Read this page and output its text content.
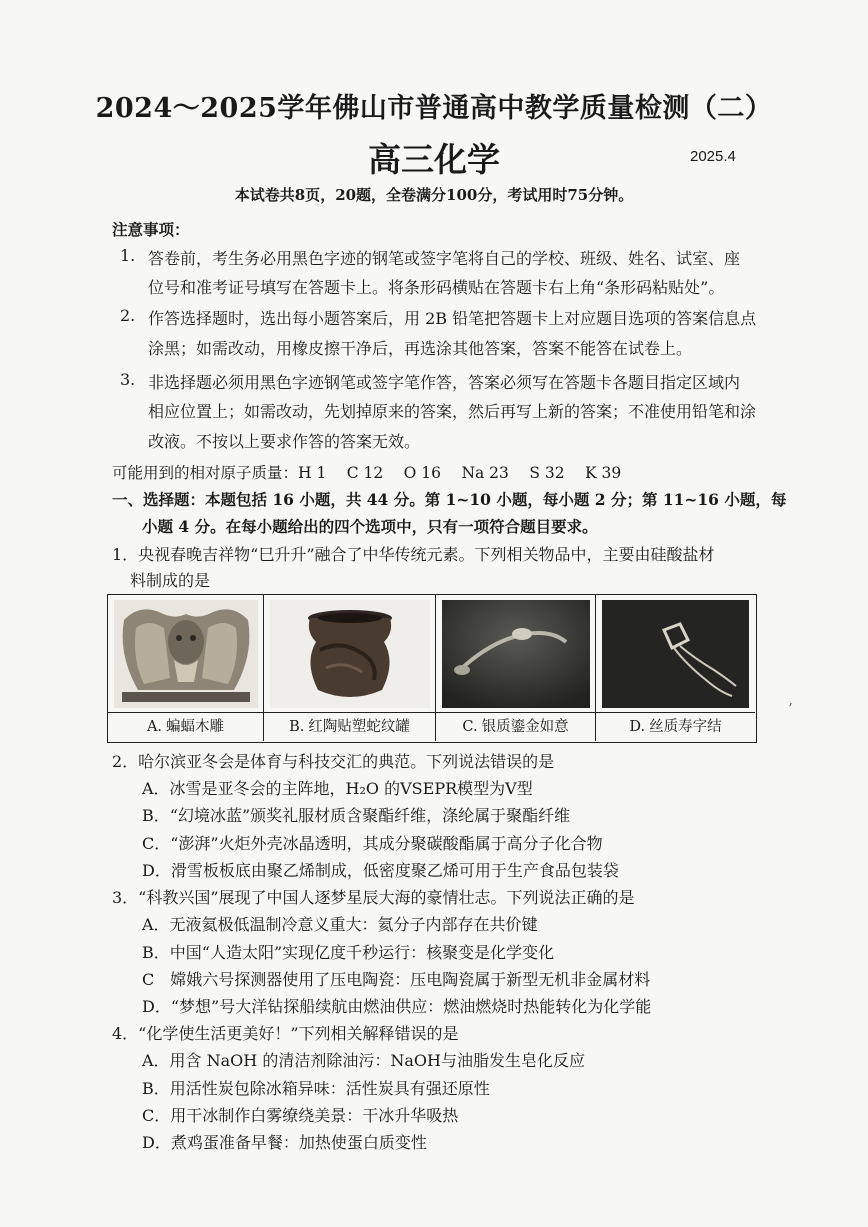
2024～2025学年佛山市普通高中教学质量检测（二）
高三化学	2025.4
本试卷共8页，20题，全卷满分100分，考试用时75分钟。
注意事项：
1. 答卷前，考生务必用黑色字迹的钢笔或签字笔将自己的学校、班级、姓名、试室、座
位号和准考证号填写在答题卡上。将条形码横贴在答题卡右上角“条形码粘贴处”。
2. 作答选择题时，选出每小题答案后，用 2B 铅笔把答题卡上对应题目选项的答案信息点
涂黑；如需改动，用橡皮擦干净后，再选涂其他答案，答案不能答在试卷上。
3. 非选择题必须用黑色字迹钢笔或签字笔作答，答案必须写在答题卡各题目指定区域内
相应位置上；如需改动，先划掉原来的答案，然后再写上新的答案；不准使用铅笔和涂
改液。不按以上要求作答的答案无效。
可能用到的相对原子质量：H 1　 C 12　 O 16　 Na 23　 S 32　 K 39
一、选择题：本题包括 16 小题，共 44 分。第 1~10 小题，每小题 2 分；第 11~16 小题，每
小题 4 分。在每小题给出的四个选项中，只有一项符合题目要求。
1．央视春晚吉祥物“巳升升”融合了中华传统元素。下列相关物品中，主要由硅酸盐材
料制成的是
A. 蝙蝠木雕	B. 红陶贴塑蛇纹罐	C. 银质鎏金如意	D. 丝质寿字结
ʼ
2．哈尔滨亚冬会是体育与科技交汇的典范。下列说法错误的是
A．冰雪是亚冬会的主阵地，H₂O 的VSEPR模型为V型
B．“幻境冰蓝”颁奖礼服材质含聚酯纤维，涤纶属于聚酯纤维
C．“澎湃”火炬外壳冰晶透明，其成分聚碳酸酯属于高分子化合物
D．滑雪板板底由聚乙烯制成，低密度聚乙烯可用于生产食品包装袋
3．“科教兴国”展现了中国人逐梦星辰大海的豪情壮志。下列说法正确的是
A．无液氦极低温制冷意义重大：氦分子内部存在共价键
B．中国“人造太阳”实现亿度千秒运行：核聚变是化学变化
C　嫦娥六号探测器使用了压电陶瓷：压电陶瓷属于新型无机非金属材料
D．“梦想”号大洋钻探船续航由燃油供应：燃油燃烧时热能转化为化学能
4．“化学使生活更美好！”下列相关解释错误的是
A．用含 NaOH 的清洁剂除油污：NaOH与油脂发生皂化反应
B．用活性炭包除冰箱异味：活性炭具有强还原性
C．用干冰制作白雾缭绕美景：干冰升华吸热
D．煮鸡蛋准备早餐：加热使蛋白质变性
